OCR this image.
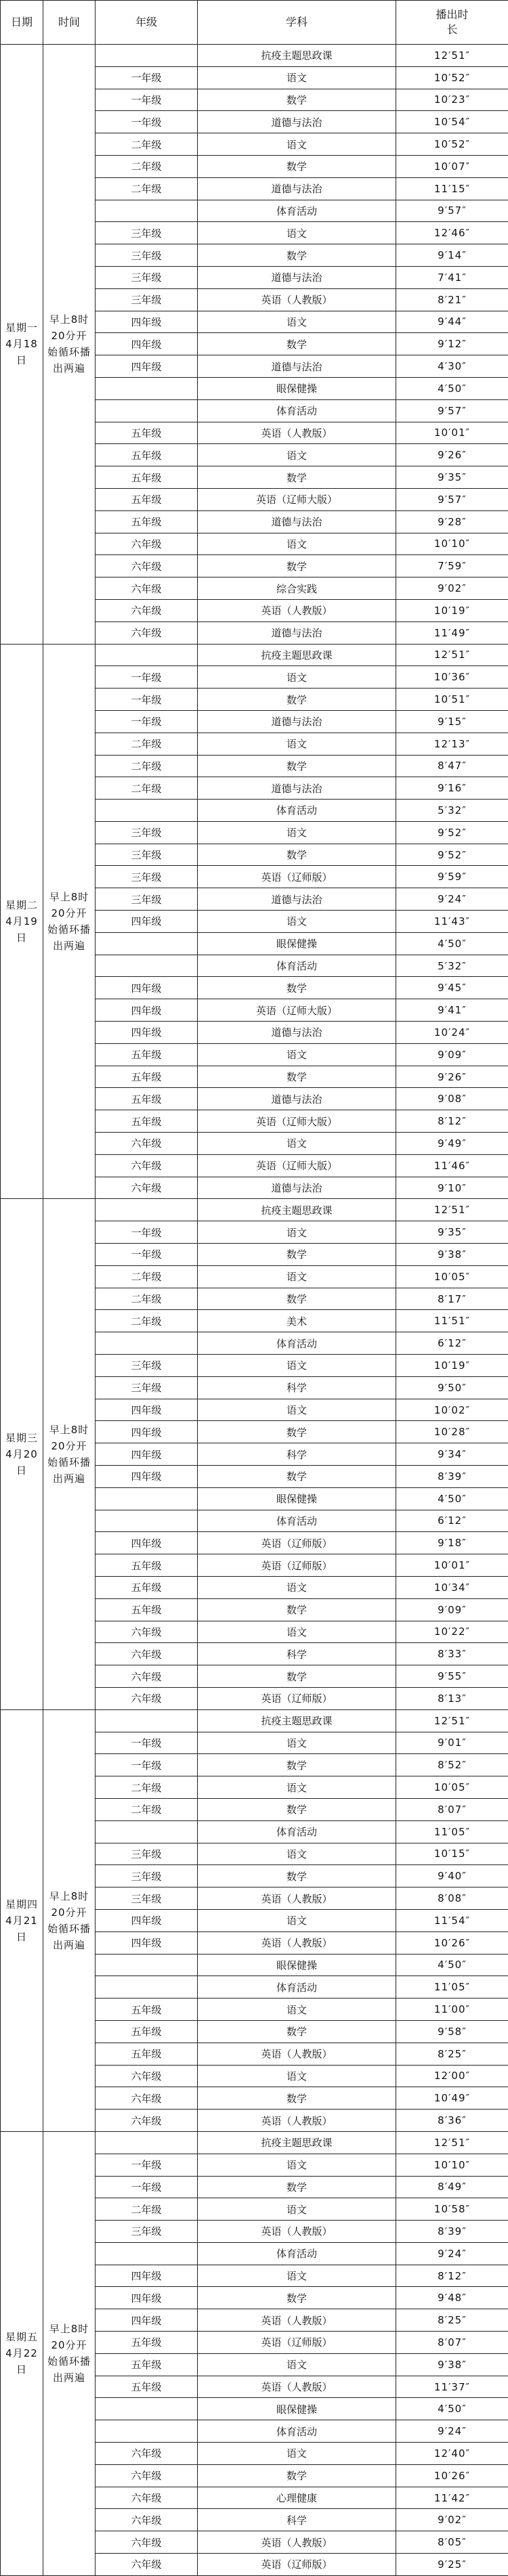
日期	时间	年级	学科	播出时长

星期一 4月18日	早上8时20分开始循环播出两遍		抗疫主题思政课	12′51″
		一年级	语文	10′52″
		一年级	数学	10′23″
		一年级	道德与法治	10′54″
		二年级	语文	10′52″
		二年级	数学	10′07″
		二年级	道德与法治	11′15″
			体育活动	9′57″
		三年级	语文	12′46″
		三年级	数学	9′14″
		三年级	道德与法治	7′41″
		三年级	英语（人教版）	8′21″
		四年级	语文	9′44″
		四年级	数学	9′12″
		四年级	道德与法治	4′30″
			眼保健操	4′50″
			体育活动	9′57″
		五年级	英语（人教版）	10′01″
		五年级	语文	9′26″
		五年级	数学	9′35″
		五年级	英语（辽师大版）	9′57″
		五年级	道德与法治	9′28″
		六年级	语文	10′10″
		六年级	数学	7′59″
		六年级	综合实践	9′02″
		六年级	英语（人教版）	10′19″
		六年级	道德与法治	11′49″

星期二 4月19日	早上8时20分开始循环播出两遍		抗疫主题思政课	12′51″
		一年级	语文	10′36″
		一年级	数学	10′51″
		一年级	道德与法治	9′15″
		二年级	语文	12′13″
		二年级	数学	8′47″
		二年级	道德与法治	9′16″
			体育活动	5′32″
		三年级	语文	9′52″
		三年级	数学	9′52″
		三年级	英语（辽师版）	9′59″
		三年级	道德与法治	9′24″
		四年级	语文	11′43″
			眼保健操	4′50″
			体育活动	5′32″
		四年级	数学	9′45″
		四年级	英语（辽师大版）	9′41″
		四年级	道德与法治	10′24″
		五年级	语文	9′09″
		五年级	数学	9′26″
		五年级	道德与法治	9′08″
		五年级	英语（辽师大版）	8′12″
		六年级	语文	9′49″
		六年级	英语（辽师大版）	11′46″
		六年级	道德与法治	9′10″

星期三 4月20日	早上8时20分开始循环播出两遍		抗疫主题思政课	12′51″
		一年级	语文	9′35″
		一年级	数学	9′38″
		二年级	语文	10′05″
		二年级	数学	8′17″
		二年级	美术	11′51″
			体育活动	6′12″
		三年级	语文	10′19″
		三年级	科学	9′50″
		四年级	语文	10′02″
		四年级	数学	10′28″
		四年级	科学	9′34″
		四年级	数学	8′39″
			眼保健操	4′50″
			体育活动	6′12″
		四年级	英语（辽师版）	9′18″
		五年级	英语（辽师版）	10′01″
		五年级	语文	10′34″
		五年级	数学	9′09″
		六年级	语文	10′22″
		六年级	科学	8′33″
		六年级	数学	9′55″
		六年级	英语（辽师版）	8′13″

星期四 4月21日	早上8时20分开始循环播出两遍		抗疫主题思政课	12′51″
		一年级	语文	9′01″
		一年级	数学	8′52″
		二年级	语文	10′05″
		二年级	数学	8′07″
			体育活动	11′05″
		三年级	语文	10′15″
		三年级	数学	9′40″
		三年级	英语（人教版）	8′08″
		四年级	语文	11′54″
		四年级	英语（人教版）	10′26″
			眼保健操	4′50″
			体育活动	11′05″
		五年级	语文	11′00″
		五年级	数学	9′58″
		五年级	英语（人教版）	8′25″
		六年级	语文	12′00″
		六年级	数学	10′49″
		六年级	英语（人教版）	8′36″

星期五 4月22日	早上8时20分开始循环播出两遍		抗疫主题思政课	12′51″
		一年级	语文	10′10″
		一年级	数学	8′49″
		二年级	语文	10′58″
		三年级	英语（人教版）	8′39″
			体育活动	9′24″
		四年级	语文	8′12″
		四年级	数学	9′48″
		四年级	英语（人教版）	8′25″
		五年级	英语（辽师版）	8′07″
		五年级	语文	9′38″
		五年级	英语（人教版）	11′37″
			眼保健操	4′50″
			体育活动	9′24″
		六年级	语文	12′40″
		六年级	数学	10′26″
		六年级	心理健康	11′42″
		六年级	科学	9′02″
		六年级	英语（人教版）	8′05″
		六年级	英语（辽师版）	9′25″
